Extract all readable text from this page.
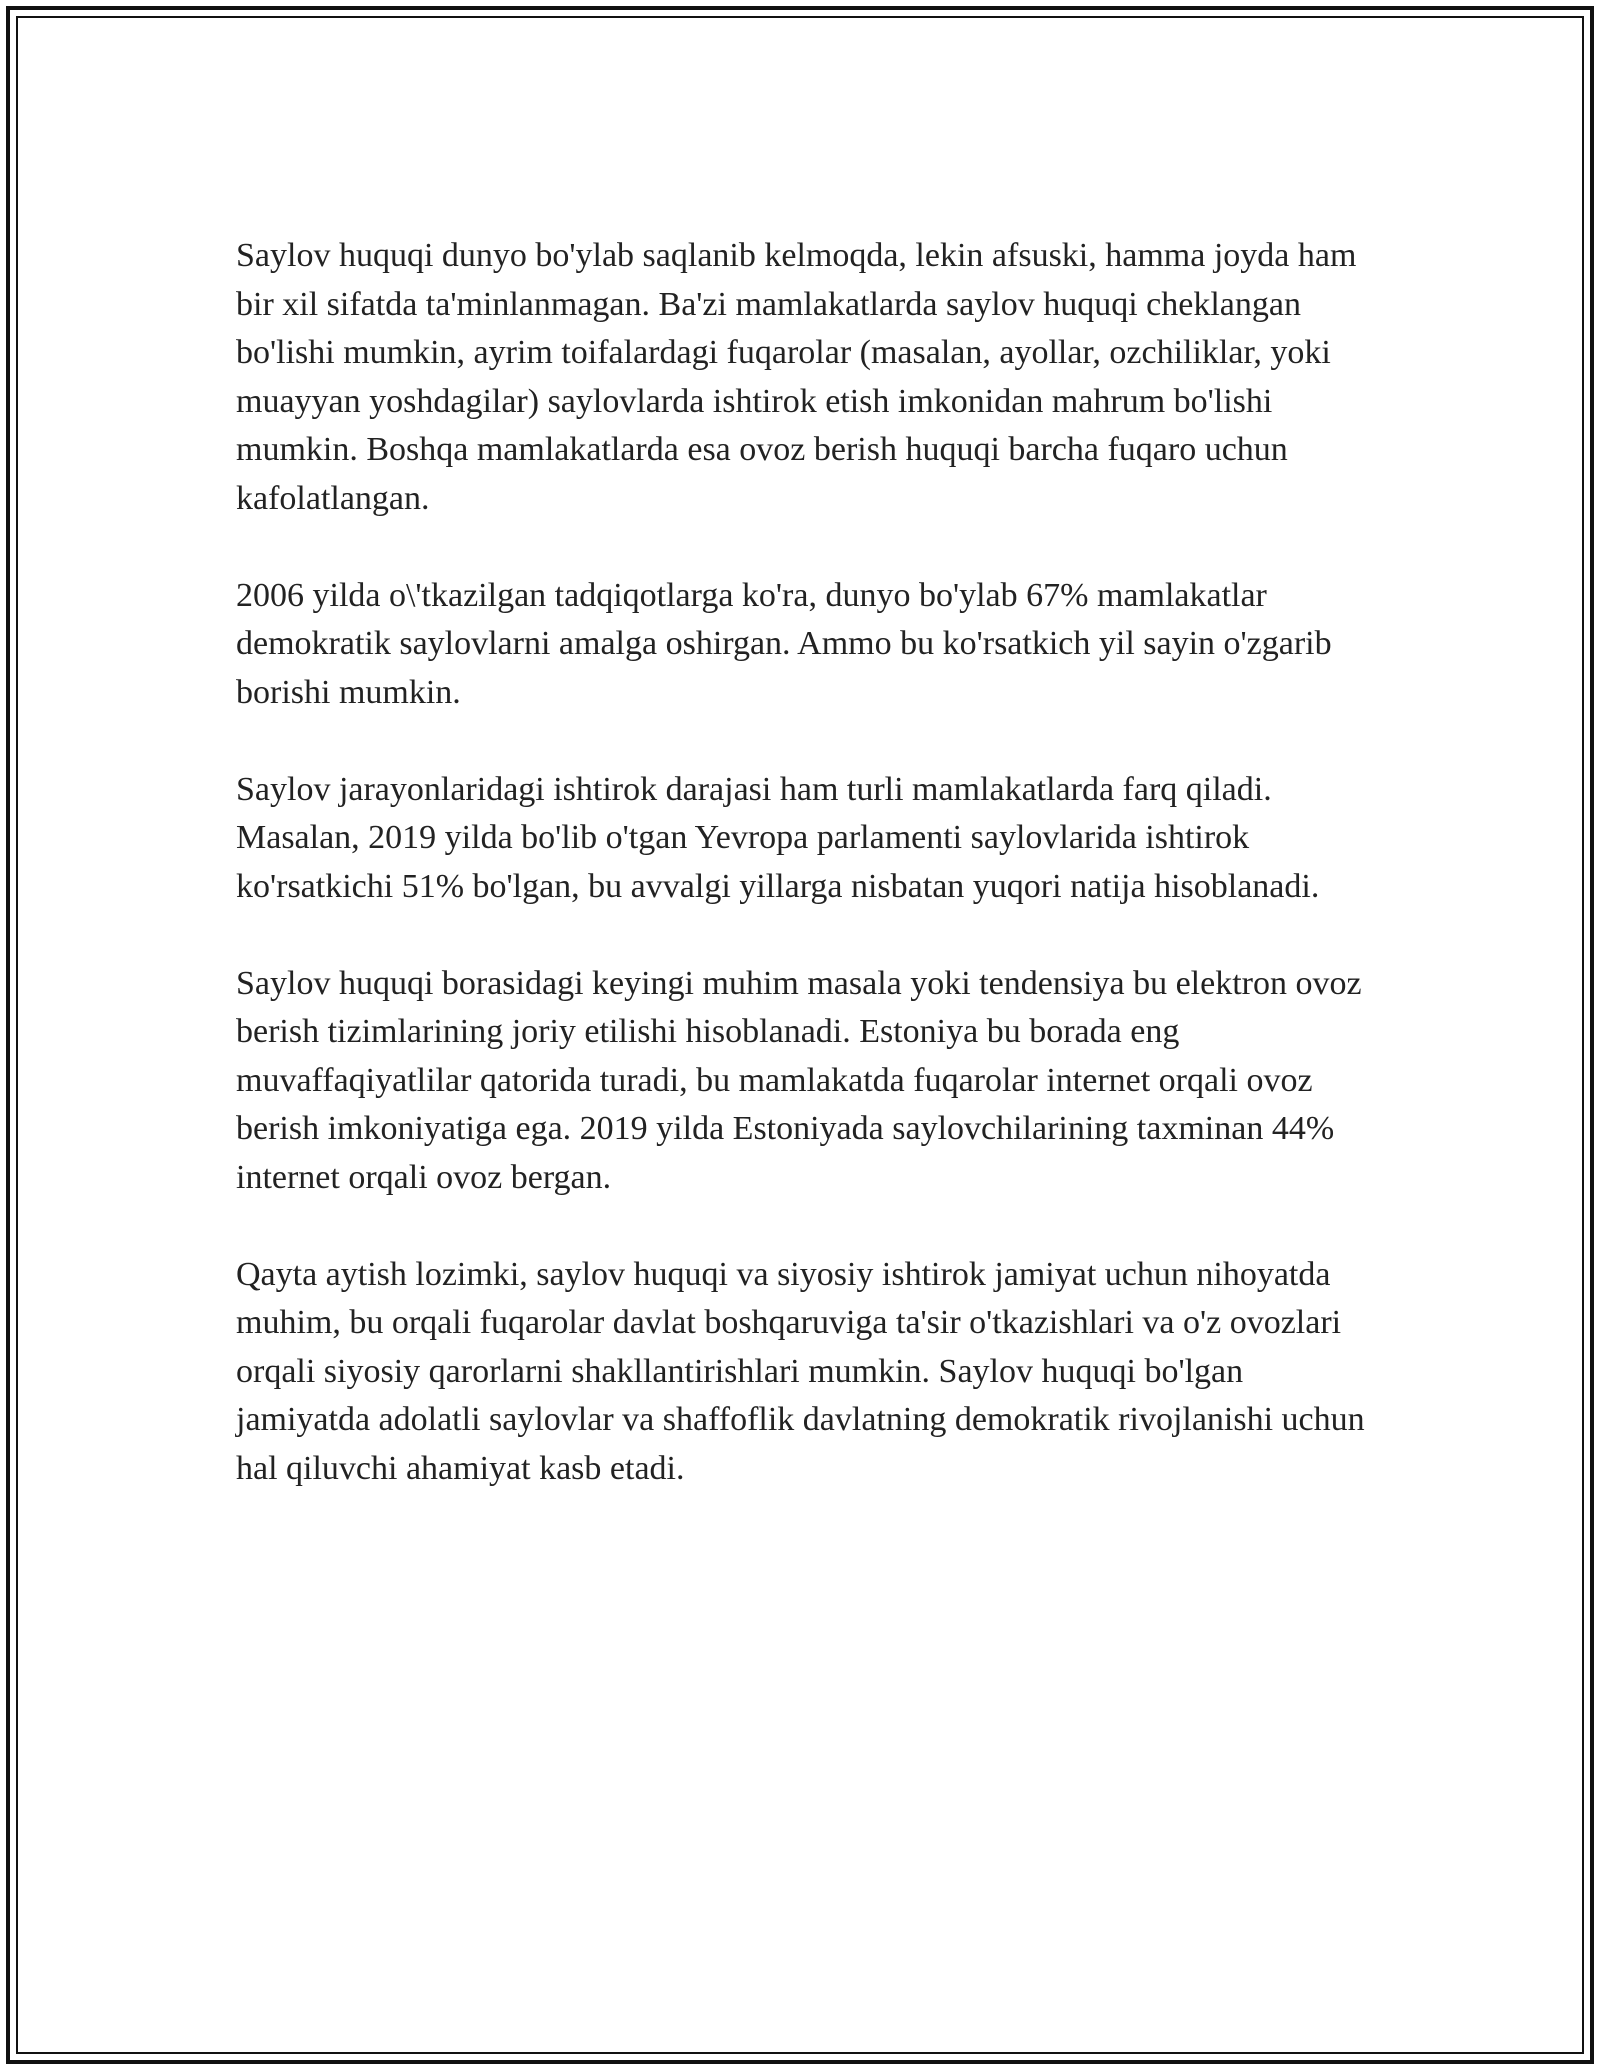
Saylov huquqi dunyo bo'ylab saqlanib kelmoqda, lekin afsuski, hamma joyda ham bir xil sifatda ta'minlanmagan. Ba'zi mamlakatlarda saylov huquqi cheklangan bo'lishi mumkin, ayrim toifalardagi fuqarolar (masalan, ayollar, ozchiliklar, yoki muayyan yoshdagilar) saylovlarda ishtirok etish imkonidan mahrum bo'lishi mumkin. Boshqa mamlakatlarda esa ovoz berish huquqi barcha fuqaro uchun kafolatlangan.

2006 yilda o\'tkazilgan tadqiqotlarga ko'ra, dunyo bo'ylab 67% mamlakatlar demokratik saylovlarni amalga oshirgan. Ammo bu ko'rsatkich yil sayin o'zgarib borishi mumkin.

Saylov jarayonlaridagi ishtirok darajasi ham turli mamlakatlarda farq qiladi. Masalan, 2019 yilda bo'lib o'tgan Yevropa parlamenti saylovlarida ishtirok ko'rsatkichi 51% bo'lgan, bu avvalgi yillarga nisbatan yuqori natija hisoblanadi.

Saylov huquqi borasidagi keyingi muhim masala yoki tendensiya bu elektron ovoz berish tizimlarining joriy etilishi hisoblanadi. Estoniya bu borada eng muvaffaqiyatlilar qatorida turadi, bu mamlakatda fuqarolar internet orqali ovoz berish imkoniyatiga ega. 2019 yilda Estoniyada saylovchilarining taxminan 44% internet orqali ovoz bergan.

Qayta aytish lozimki, saylov huquqi va siyosiy ishtirok jamiyat uchun nihoyatda muhim, bu orqali fuqarolar davlat boshqaruviga ta'sir o'tkazishlari va o'z ovozlari orqali siyosiy qarorlarni shakllantirishlari mumkin. Saylov huquqi bo'lgan jamiyatda adolatli saylovlar va shaffoflik davlatning demokratik rivojlanishi uchun hal qiluvchi ahamiyat kasb etadi.
